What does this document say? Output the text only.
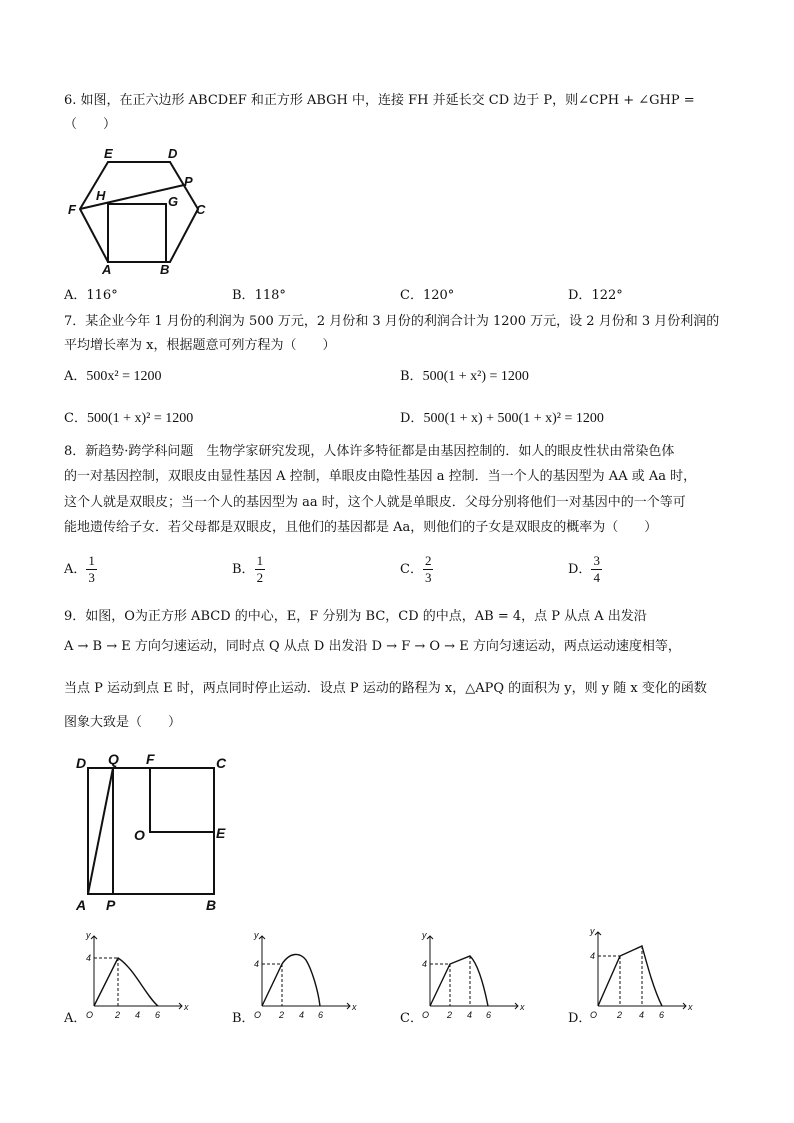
6. 如图，在正六边形 ABCDEF 和正方形 ABGH 中，连接 FH 并延长交 CD 边于 P，则∠CPH + ∠GHP =
（　　）
E	D
P
H	G
F	C
A	B
A．116°	B．118°	C．120°	D．122°
7．某企业今年 1 月份的利润为 500 万元，2 月份和 3 月份的利润合计为 1200 万元，设 2 月份和 3 月份利润的
平均增长率为 x，根据题意可列方程为（　　）
A．500x² = 1200	B．500(1 + x²) = 1200
C．500(1 + x)² = 1200	D．500(1 + x) + 500(1 + x)² = 1200
8．新趋势·跨学科问题　生物学家研究发现，人体许多特征都是由基因控制的．如人的眼皮性状由常染色体
的一对基因控制，双眼皮由显性基因 A 控制，单眼皮由隐性基因 a 控制．当一个人的基因型为 AA 或 Aa 时，
这个人就是双眼皮；当一个人的基因型为 aa 时，这个人就是单眼皮．父母分别将他们一对基因中的一个等可
能地遗传给子女．若父母都是双眼皮，且他们的基因都是 Aa，则他们的子女是双眼皮的概率为（　　）
A． $\frac{1}{3}$	B． $\frac{1}{2}$	C． $\frac{2}{3}$	D． $\frac{3}{4}$
9．如图，O为正方形 ABCD 的中心，E，F 分别为 BC，CD 的中点，AB = 4，点 P 从点 A 出发沿
A → B → E 方向匀速运动，同时点 Q 从点 D 出发沿 D → F → O → E 方向匀速运动，两点运动速度相等，
当点 P 运动到点 E 时，两点同时停止运动．设点 P 运动的路程为 x，△APQ 的面积为 y，则 y 随 x 变化的函数
图象大致是（　　）
D Q F	C
O	E
A P	B
A．
y
x
O
4
2 4 6	B．
y
x
O
4
2 4 6	C．
y
x
O
4
2 4 6	D．
y
x
O
4
2 4 6
